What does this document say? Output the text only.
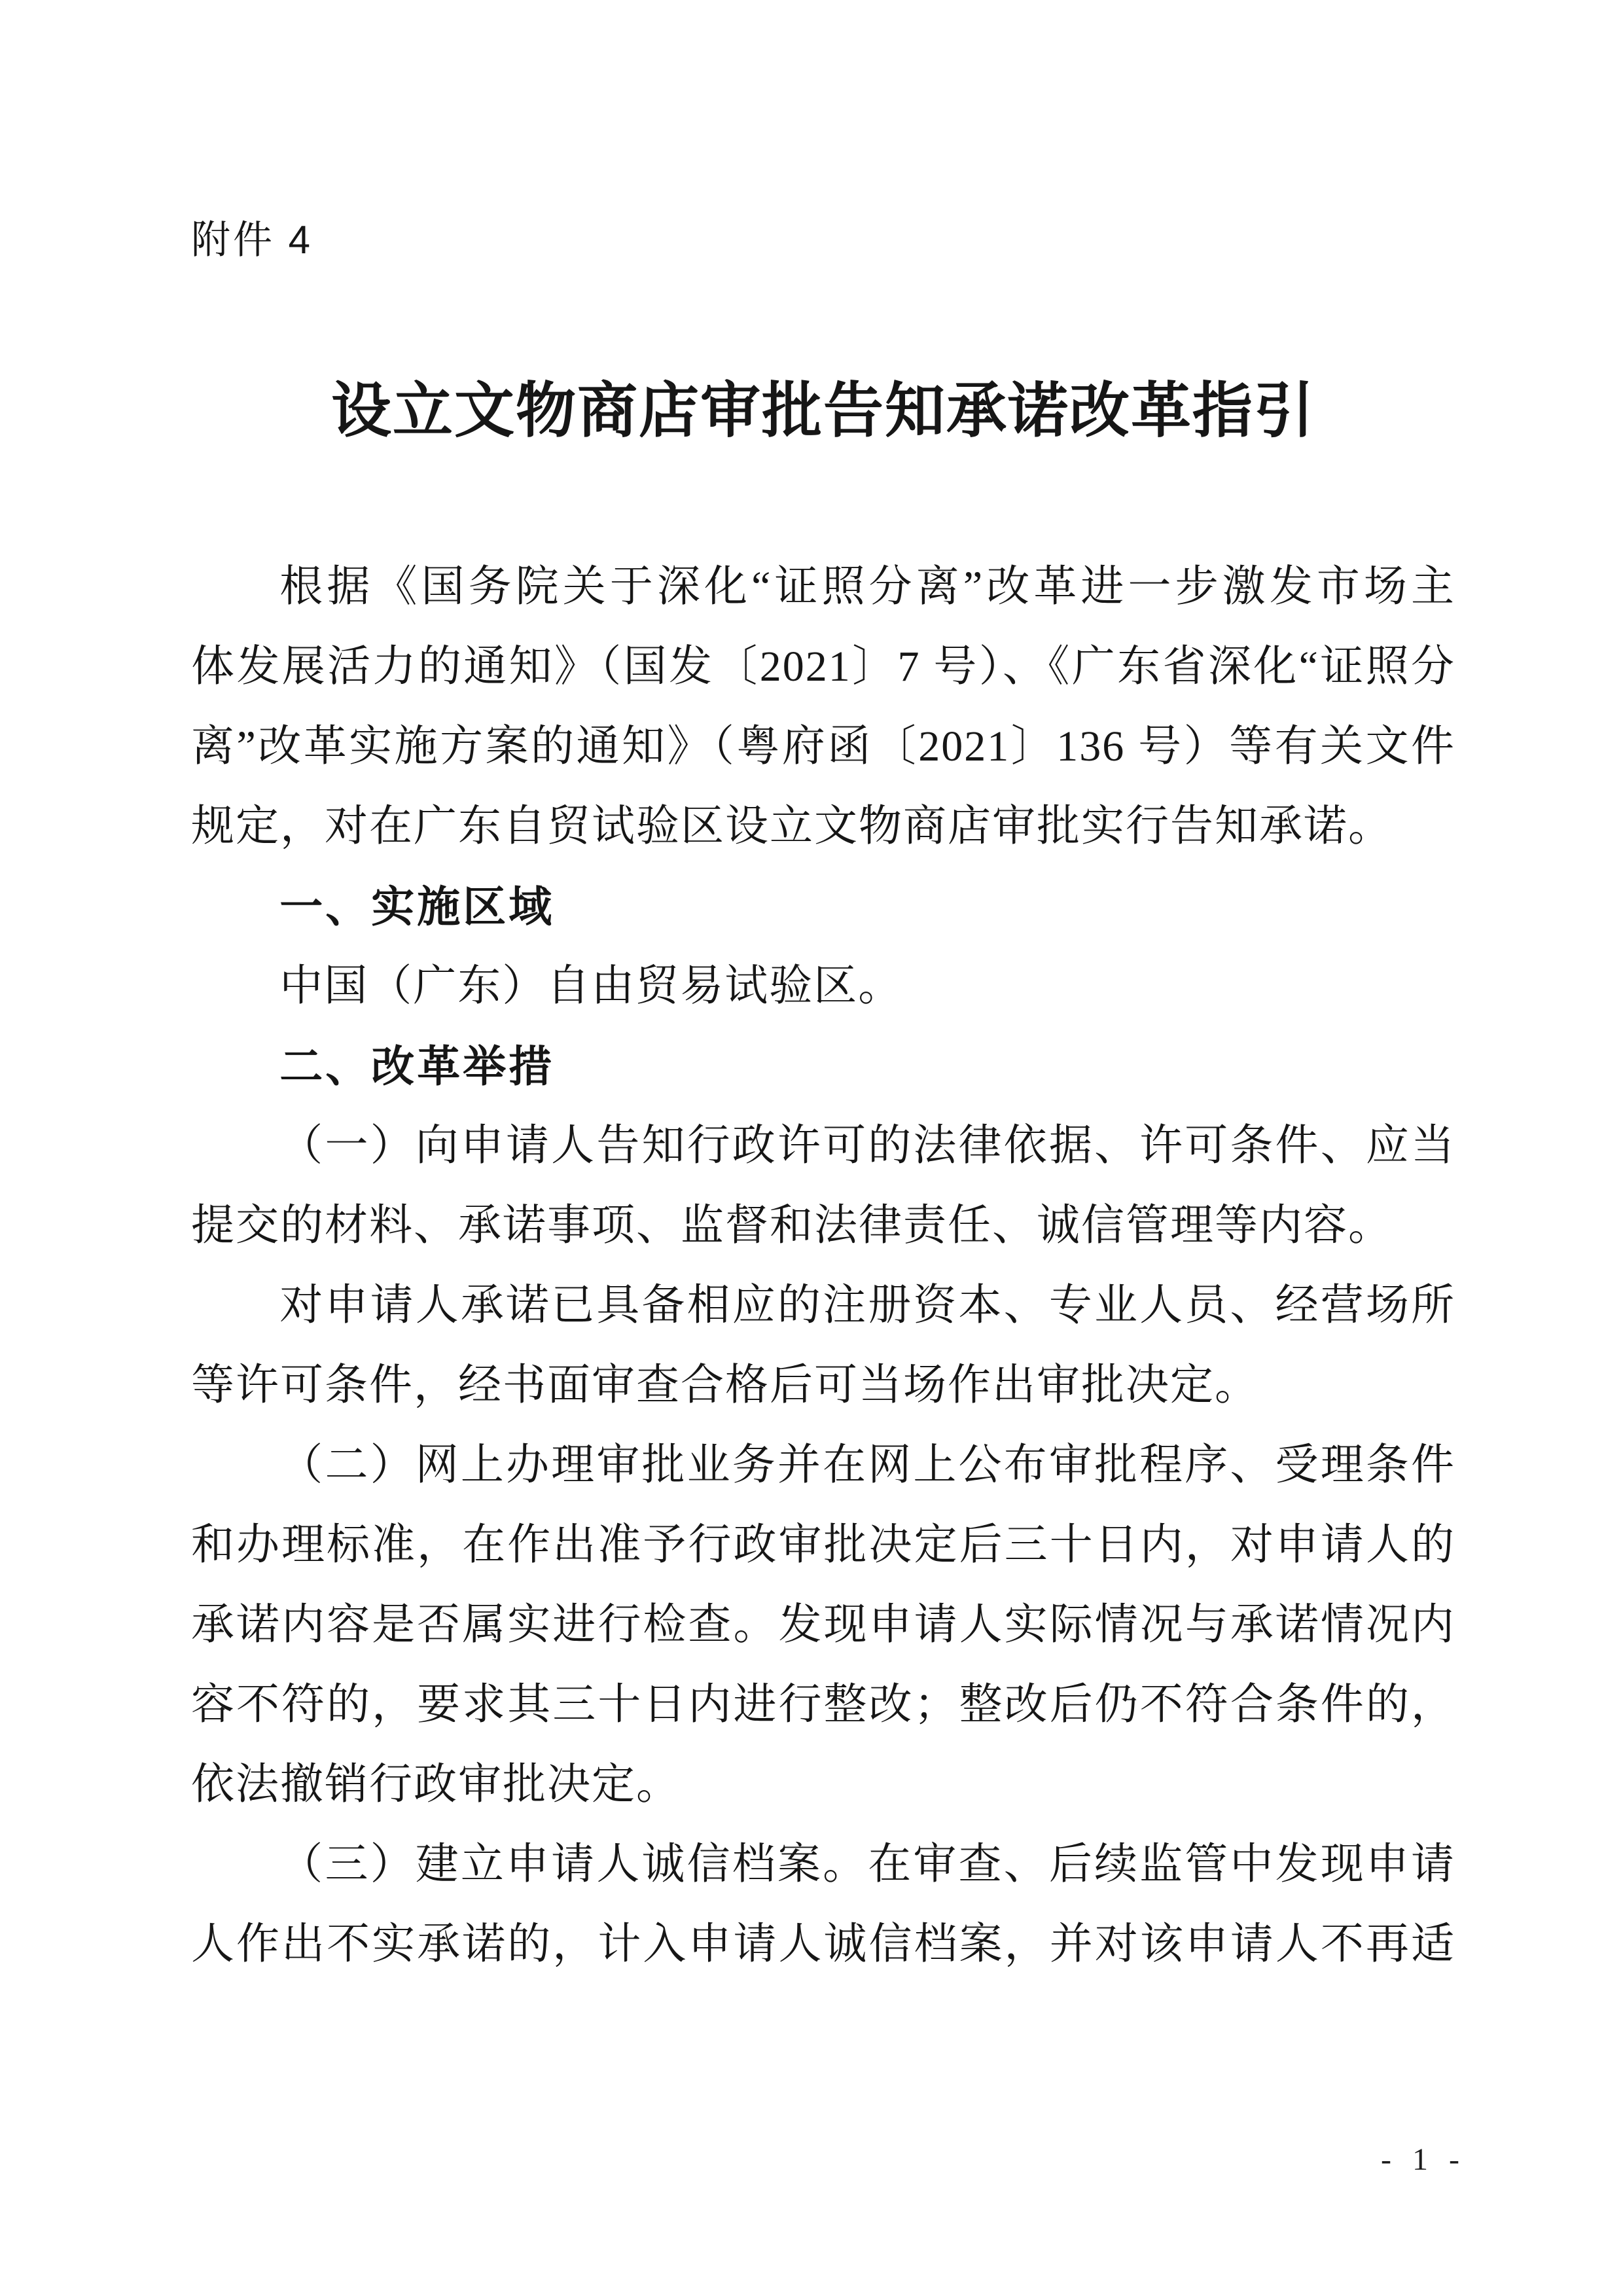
附件 4
设立文物商店审批告知承诺改革指引

根据《国务院关于深化“证照分离”改革进一步激发市场主

体发展活力的通知》（国发〔2021〕7 号）、《广东省深化“证照分

离”改革实施方案的通知》（粤府函〔2021〕136 号）等有关文件

规定，对在广东自贸试验区设立文物商店审批实行告知承诺。

一、实施区域

中国（广东）自由贸易试验区。

二、改革举措

（一）向申请人告知行政许可的法律依据、许可条件、应当

提交的材料、承诺事项、监督和法律责任、诚信管理等内容。

对申请人承诺已具备相应的注册资本、专业人员、经营场所

等许可条件，经书面审查合格后可当场作出审批决定。

（二）网上办理审批业务并在网上公布审批程序、受理条件

和办理标准，在作出准予行政审批决定后三十日内，对申请人的

承诺内容是否属实进行检查。发现申请人实际情况与承诺情况内

容不符的，要求其三十日内进行整改；整改后仍不符合条件的，

依法撤销行政审批决定。

（三）建立申请人诚信档案。在审查、后续监管中发现申请

人作出不实承诺的，计入申请人诚信档案，并对该申请人不再适

- 1 -
